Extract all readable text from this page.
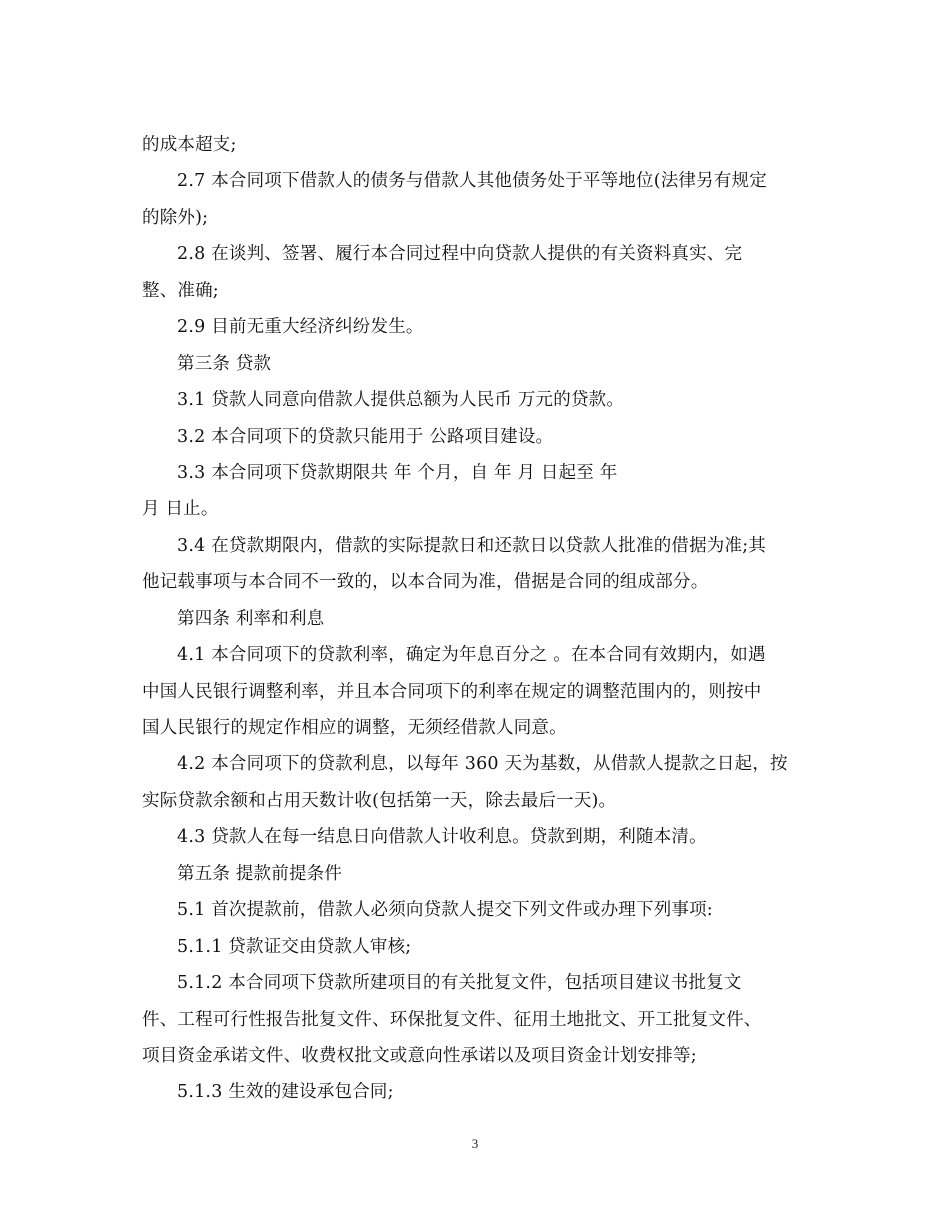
的成本超支;
2.7 本合同项下借款人的债务与借款人其他债务处于平等地位(法律另有规定
的除外);
2.8 在谈判、签署、履行本合同过程中向贷款人提供的有关资料真实、完
整、准确;
2.9 目前无重大经济纠纷发生。
第三条 贷款
3.1 贷款人同意向借款人提供总额为人民币 万元的贷款。
3.2 本合同项下的贷款只能用于 公路项目建设。
3.3 本合同项下贷款期限共 年 个月，自 年 月 日起至 年
月 日止。
3.4 在贷款期限内，借款的实际提款日和还款日以贷款人批准的借据为准;其
他记载事项与本合同不一致的，以本合同为准，借据是合同的组成部分。
第四条 利率和利息
4.1 本合同项下的贷款利率，确定为年息百分之 。在本合同有效期内，如遇
中国人民银行调整利率，并且本合同项下的利率在规定的调整范围内的，则按中
国人民银行的规定作相应的调整，无须经借款人同意。
4.2 本合同项下的贷款利息，以每年 360 天为基数，从借款人提款之日起，按
实际贷款余额和占用天数计收(包括第一天，除去最后一天)。
4.3 贷款人在每一结息日向借款人计收利息。贷款到期，利随本清。
第五条 提款前提条件
5.1 首次提款前，借款人必须向贷款人提交下列文件或办理下列事项:
5.1.1 贷款证交由贷款人审核;
5.1.2 本合同项下贷款所建项目的有关批复文件，包括项目建议书批复文
件、工程可行性报告批复文件、环保批复文件、征用土地批文、开工批复文件、
项目资金承诺文件、收费权批文或意向性承诺以及项目资金计划安排等;
5.1.3 生效的建设承包合同;
3
